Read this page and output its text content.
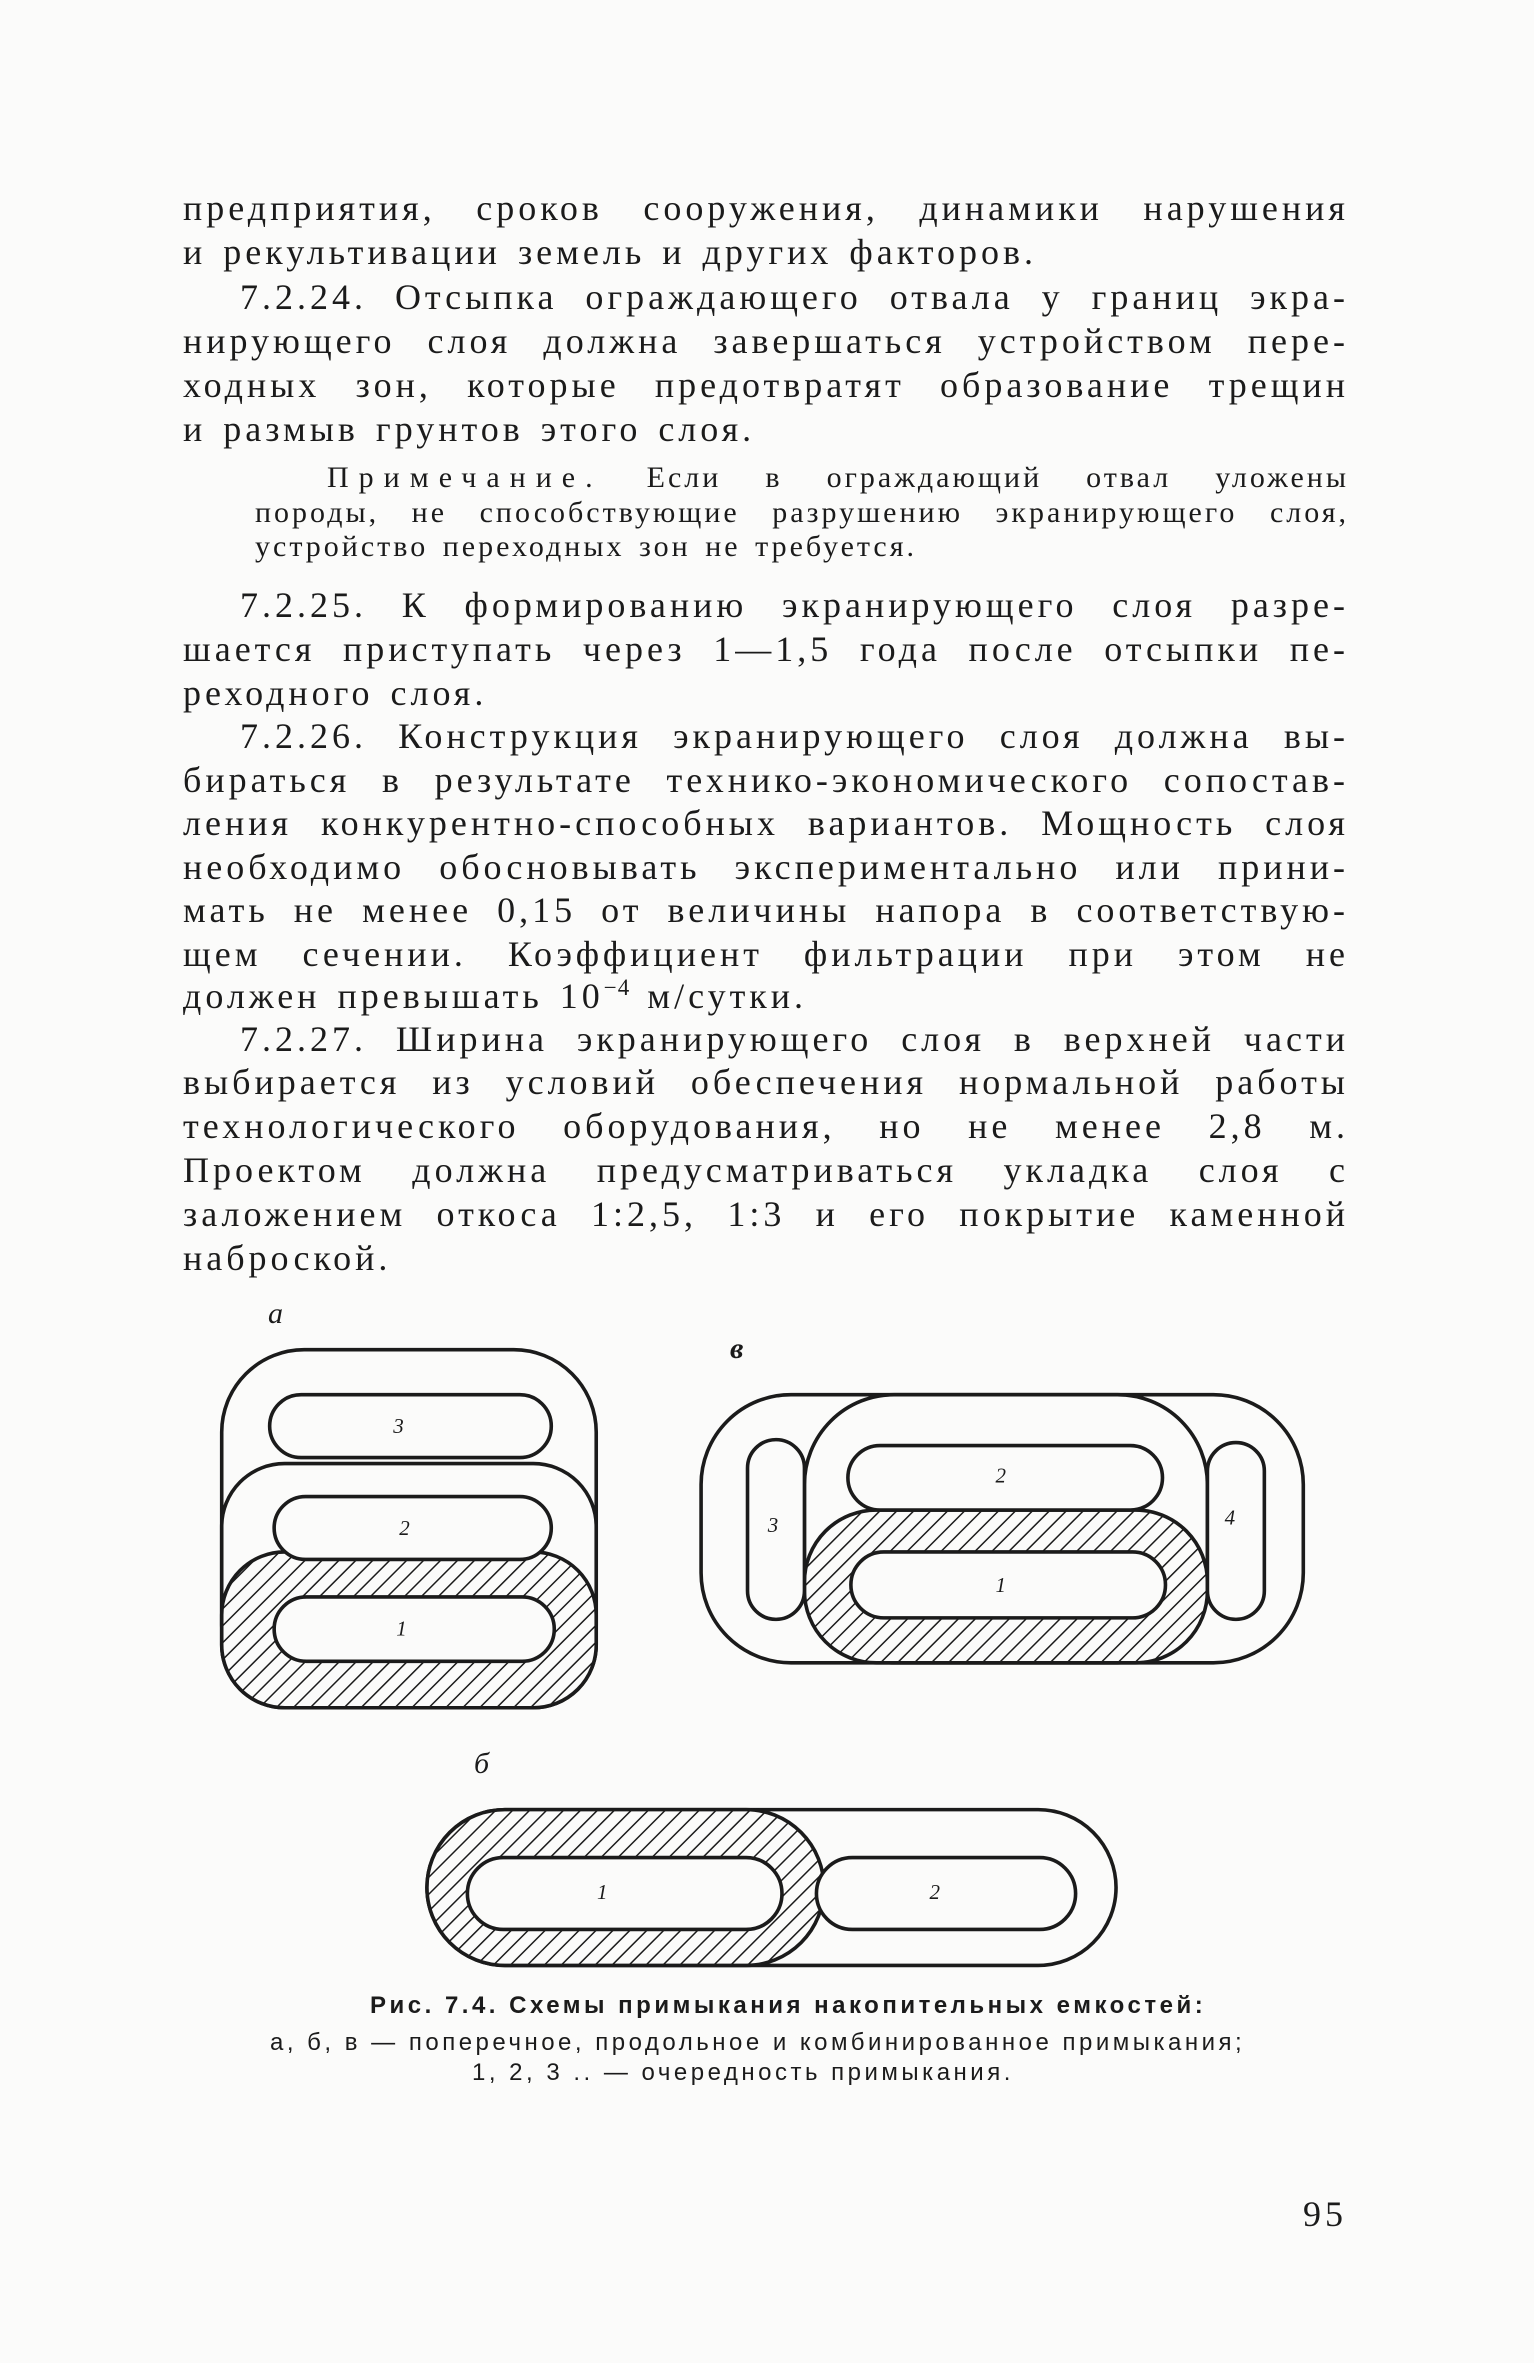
предприятия, сроков сооружения, динамики нарушения
и рекультивации земель и других факторов.
7.2.24. Отсыпка ограждающего отвала у границ экра-
нирующего слоя должна завершаться устройством пере-
ходных зон, которые предотвратят образование трещин
и размыв грунтов этого слоя.
Примечание. Если в ограждающий отвал уложены
породы, не способствующие разрушению экранирующего слоя,
устройство переходных зон не требуется.
7.2.25. К формированию экранирующего слоя разре-
шается приступать через 1—1,5 года после отсыпки пе-
реходного слоя.
7.2.26. Конструкция экранирующего слоя должна вы-
бираться в результате технико-экономического сопостав-
ления конкурентно-способных вариантов. Мощность слоя
необходимо обосновывать экспериментально или прини-
мать не менее 0,15 от величины напора в соответствую-
щем сечении. Коэффициент фильтрации при этом не
должен превышать $10^{-4}$ м/сутки.
7.2.27. Ширина экранирующего слоя в верхней части
выбирается из условий обеспечения нормальной работы
технологического оборудования, но не менее 2,8 м.
Проектом должна предусматриваться укладка слоя с
заложением откоса 1:2,5, 1:3 и его покрытие каменной
наброской.
3
2
1
3
2
1
4
1	2
а
в
б
Рис. 7.4. Схемы примыкания накопительных емкостей:
а, б, в — поперечное, продольное и комбинированное примыкания;
1, 2, 3 .. — очередность примыкания.
95
